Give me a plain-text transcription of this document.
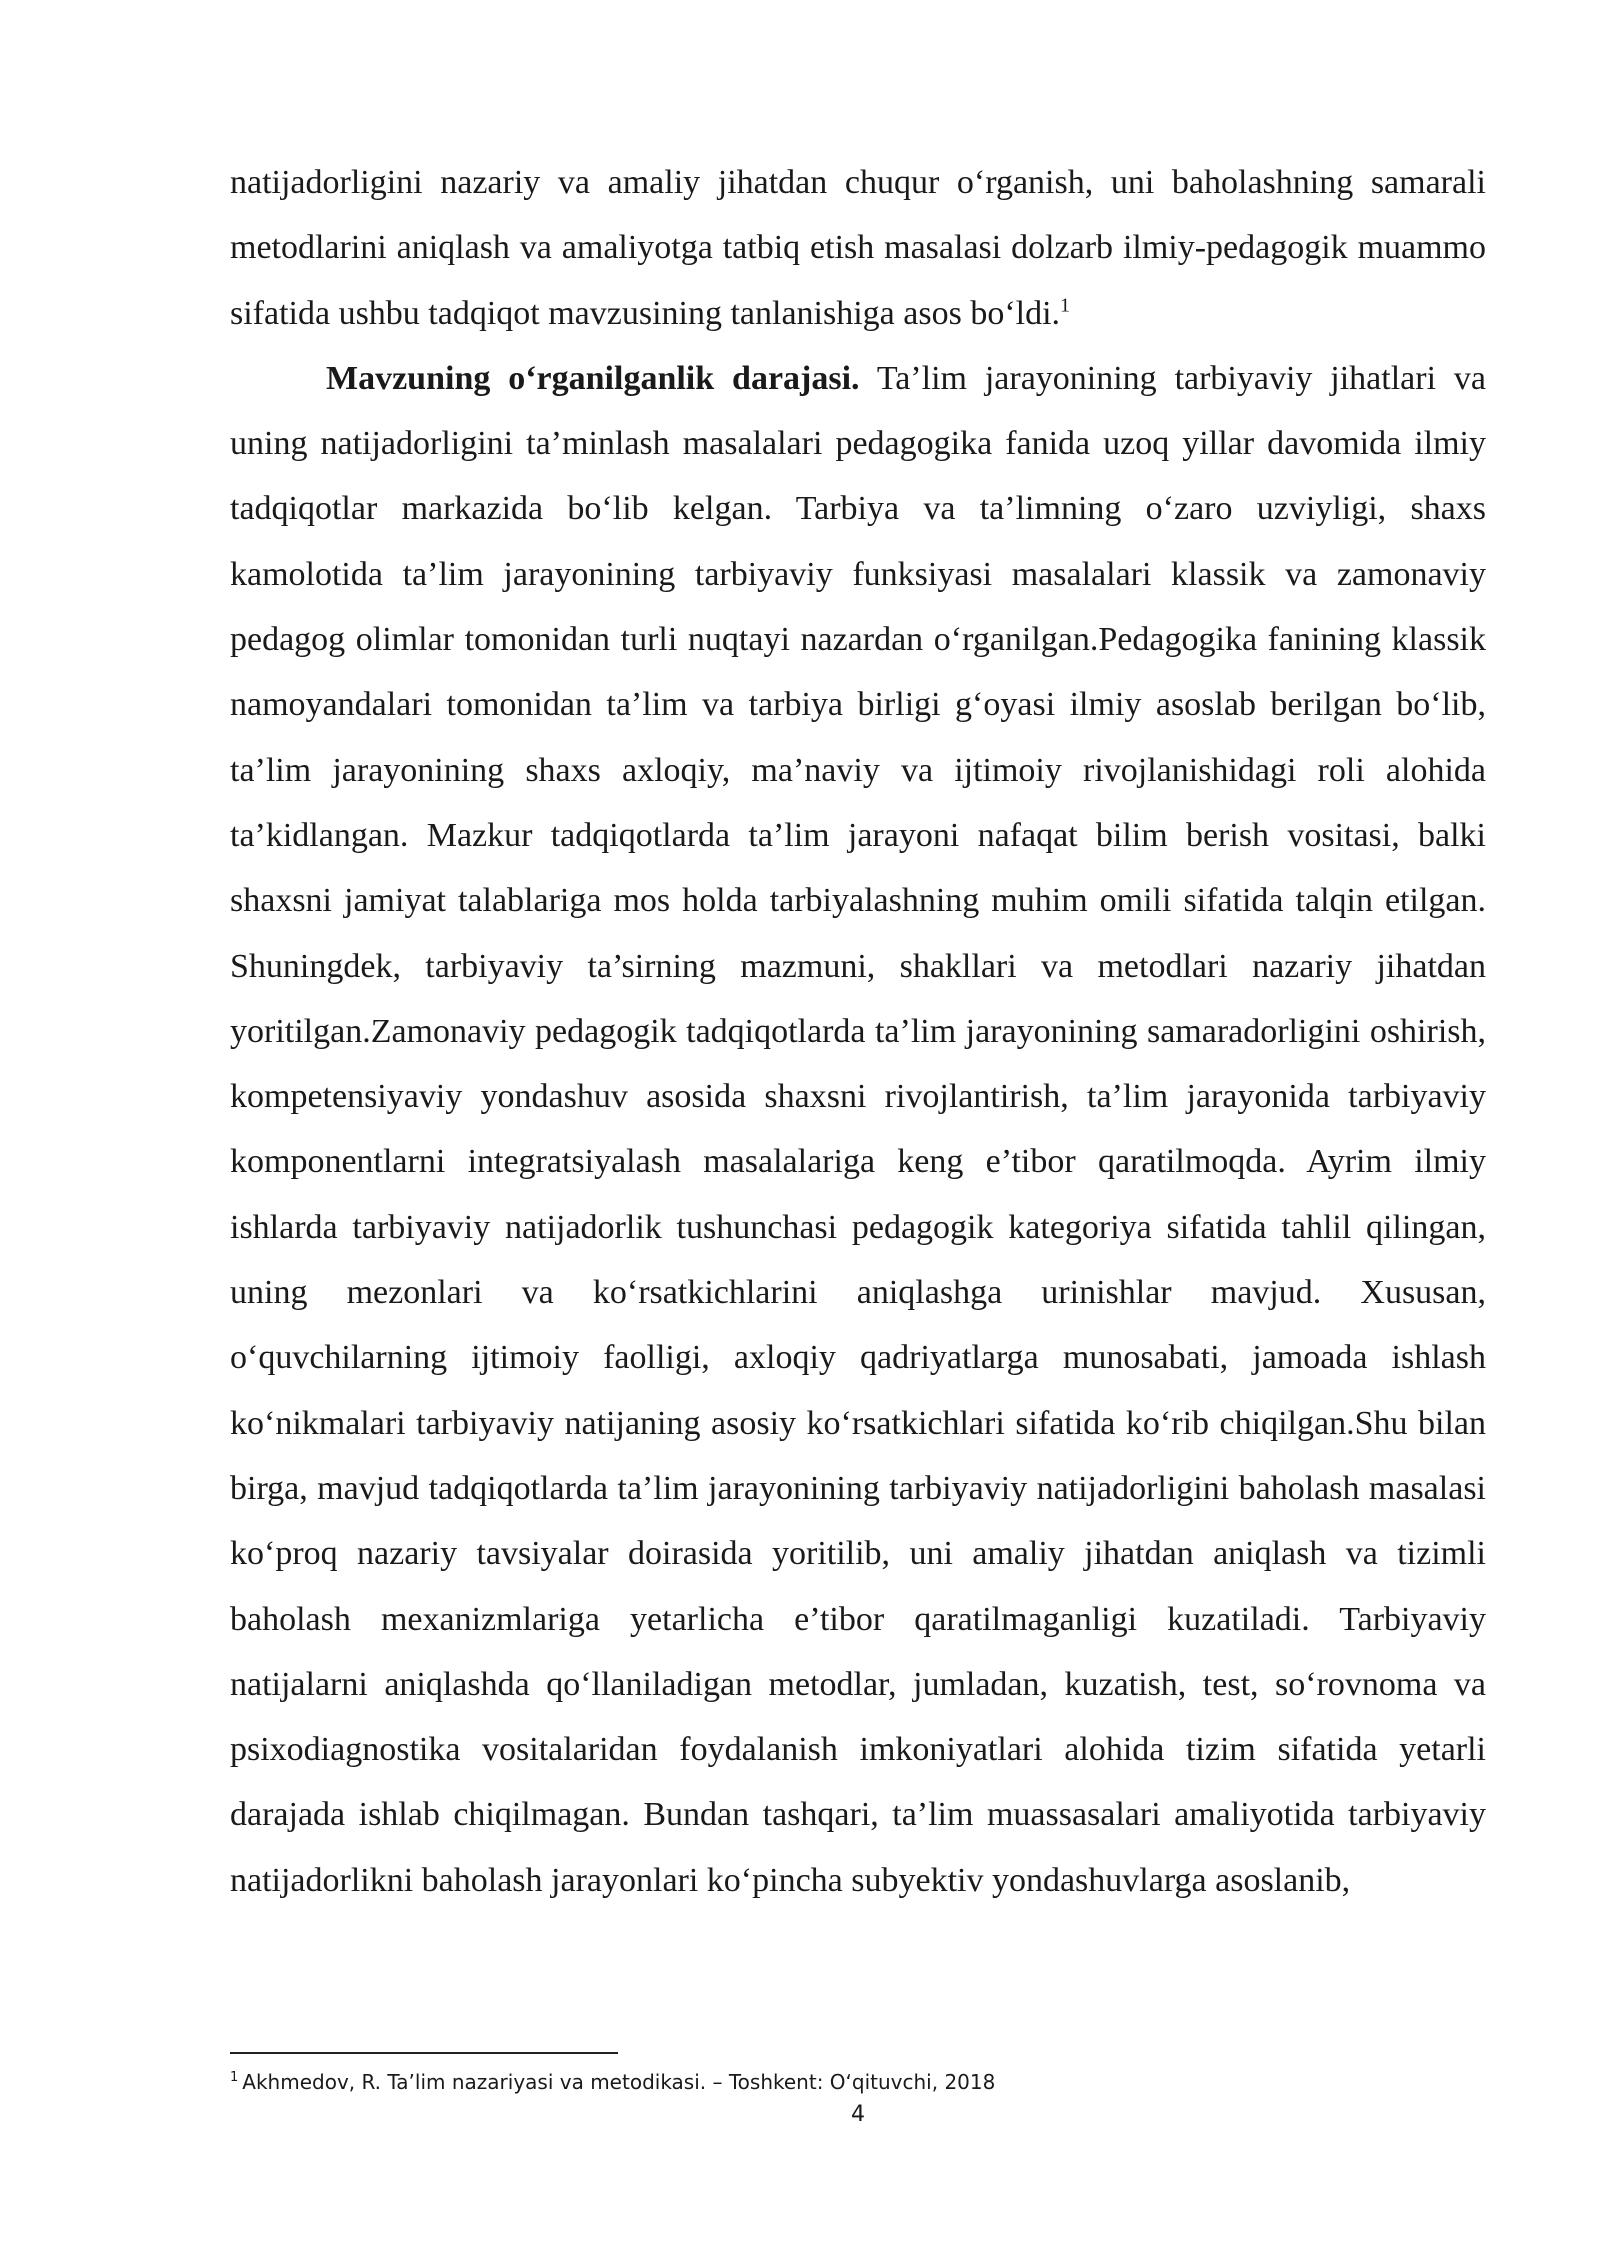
natijadorligini nazariy va amaliy jihatdan chuqur o‘rganish, uni baholashning samarali metodlarini aniqlash va amaliyotga tatbiq etish masalasi dolzarb ilmiy-pedagogik muammo sifatida ushbu tadqiqot mavzusining tanlanishiga asos bo‘ldi.$^1$

Mavzuning o‘rganilganlik darajasi. Ta’lim jarayonining tarbiyaviy jihatlari va uning natijadorligini ta’minlash masalalari pedagogika fanida uzoq yillar davomida ilmiy tadqiqotlar markazida bo‘lib kelgan. Tarbiya va ta’limning o‘zaro uzviyligi, shaxs kamolotida ta’lim jarayonining tarbiyaviy funksiyasi masalalari klassik va zamonaviy pedagog olimlar tomonidan turli nuqtayi nazardan o‘rganilgan.Pedagogika fanining klassik namoyandalari tomonidan ta’lim va tarbiya birligi g‘oyasi ilmiy asoslab berilgan bo‘lib, ta’lim jarayonining shaxs axloqiy, ma’naviy va ijtimoiy rivojlanishidagi roli alohida ta’kidlangan. Mazkur tadqiqotlarda ta’lim jarayoni nafaqat bilim berish vositasi, balki shaxsni jamiyat talablariga mos holda tarbiyalashning muhim omili sifatida talqin etilgan. Shuningdek, tarbiyaviy ta’sirning mazmuni, shakllari va metodlari nazariy jihatdan yoritilgan.Zamonaviy pedagogik tadqiqotlarda ta’lim jarayonining samaradorligini oshirish, kompetensiyaviy yondashuv asosida shaxsni rivojlantirish, ta’lim jarayonida tarbiyaviy komponentlarni integratsiyalash masalalariga keng e’tibor qaratilmoqda. Ayrim ilmiy ishlarda tarbiyaviy natijadorlik tushunchasi pedagogik kategoriya sifatida tahlil qilingan, uning mezonlari va ko‘rsatkichlarini aniqlashga urinishlar mavjud. Xususan, o‘quvchilarning ijtimoiy faolligi, axloqiy qadriyatlarga munosabati, jamoada ishlash ko‘nikmalari tarbiyaviy natijaning asosiy ko‘rsatkichlari sifatida ko‘rib chiqilgan.Shu bilan birga, mavjud tadqiqotlarda ta’lim jarayonining tarbiyaviy natijadorligini baholash masalasi ko‘proq nazariy tavsiyalar doirasida yoritilib, uni amaliy jihatdan aniqlash va tizimli baholash mexanizmlariga yetarlicha e’tibor qaratilmaganligi kuzatiladi. Tarbiyaviy natijalarni aniqlashda qo‘llaniladigan metodlar, jumladan, kuzatish, test, so‘rovnoma va psixodiagnostika vositalaridan foydalanish imkoniyatlari alohida tizim sifatida yetarli darajada ishlab chiqilmagan. Bundan tashqari, ta’lim muassasalari amaliyotida tarbiyaviy natijadorlikni baholash jarayonlari ko‘pincha subyektiv yondashuvlarga asoslanib,

$^1$ Akhmedov, R. Ta’lim nazariyasi va metodikasi. – Toshkent: O‘qituvchi, 2018
4
